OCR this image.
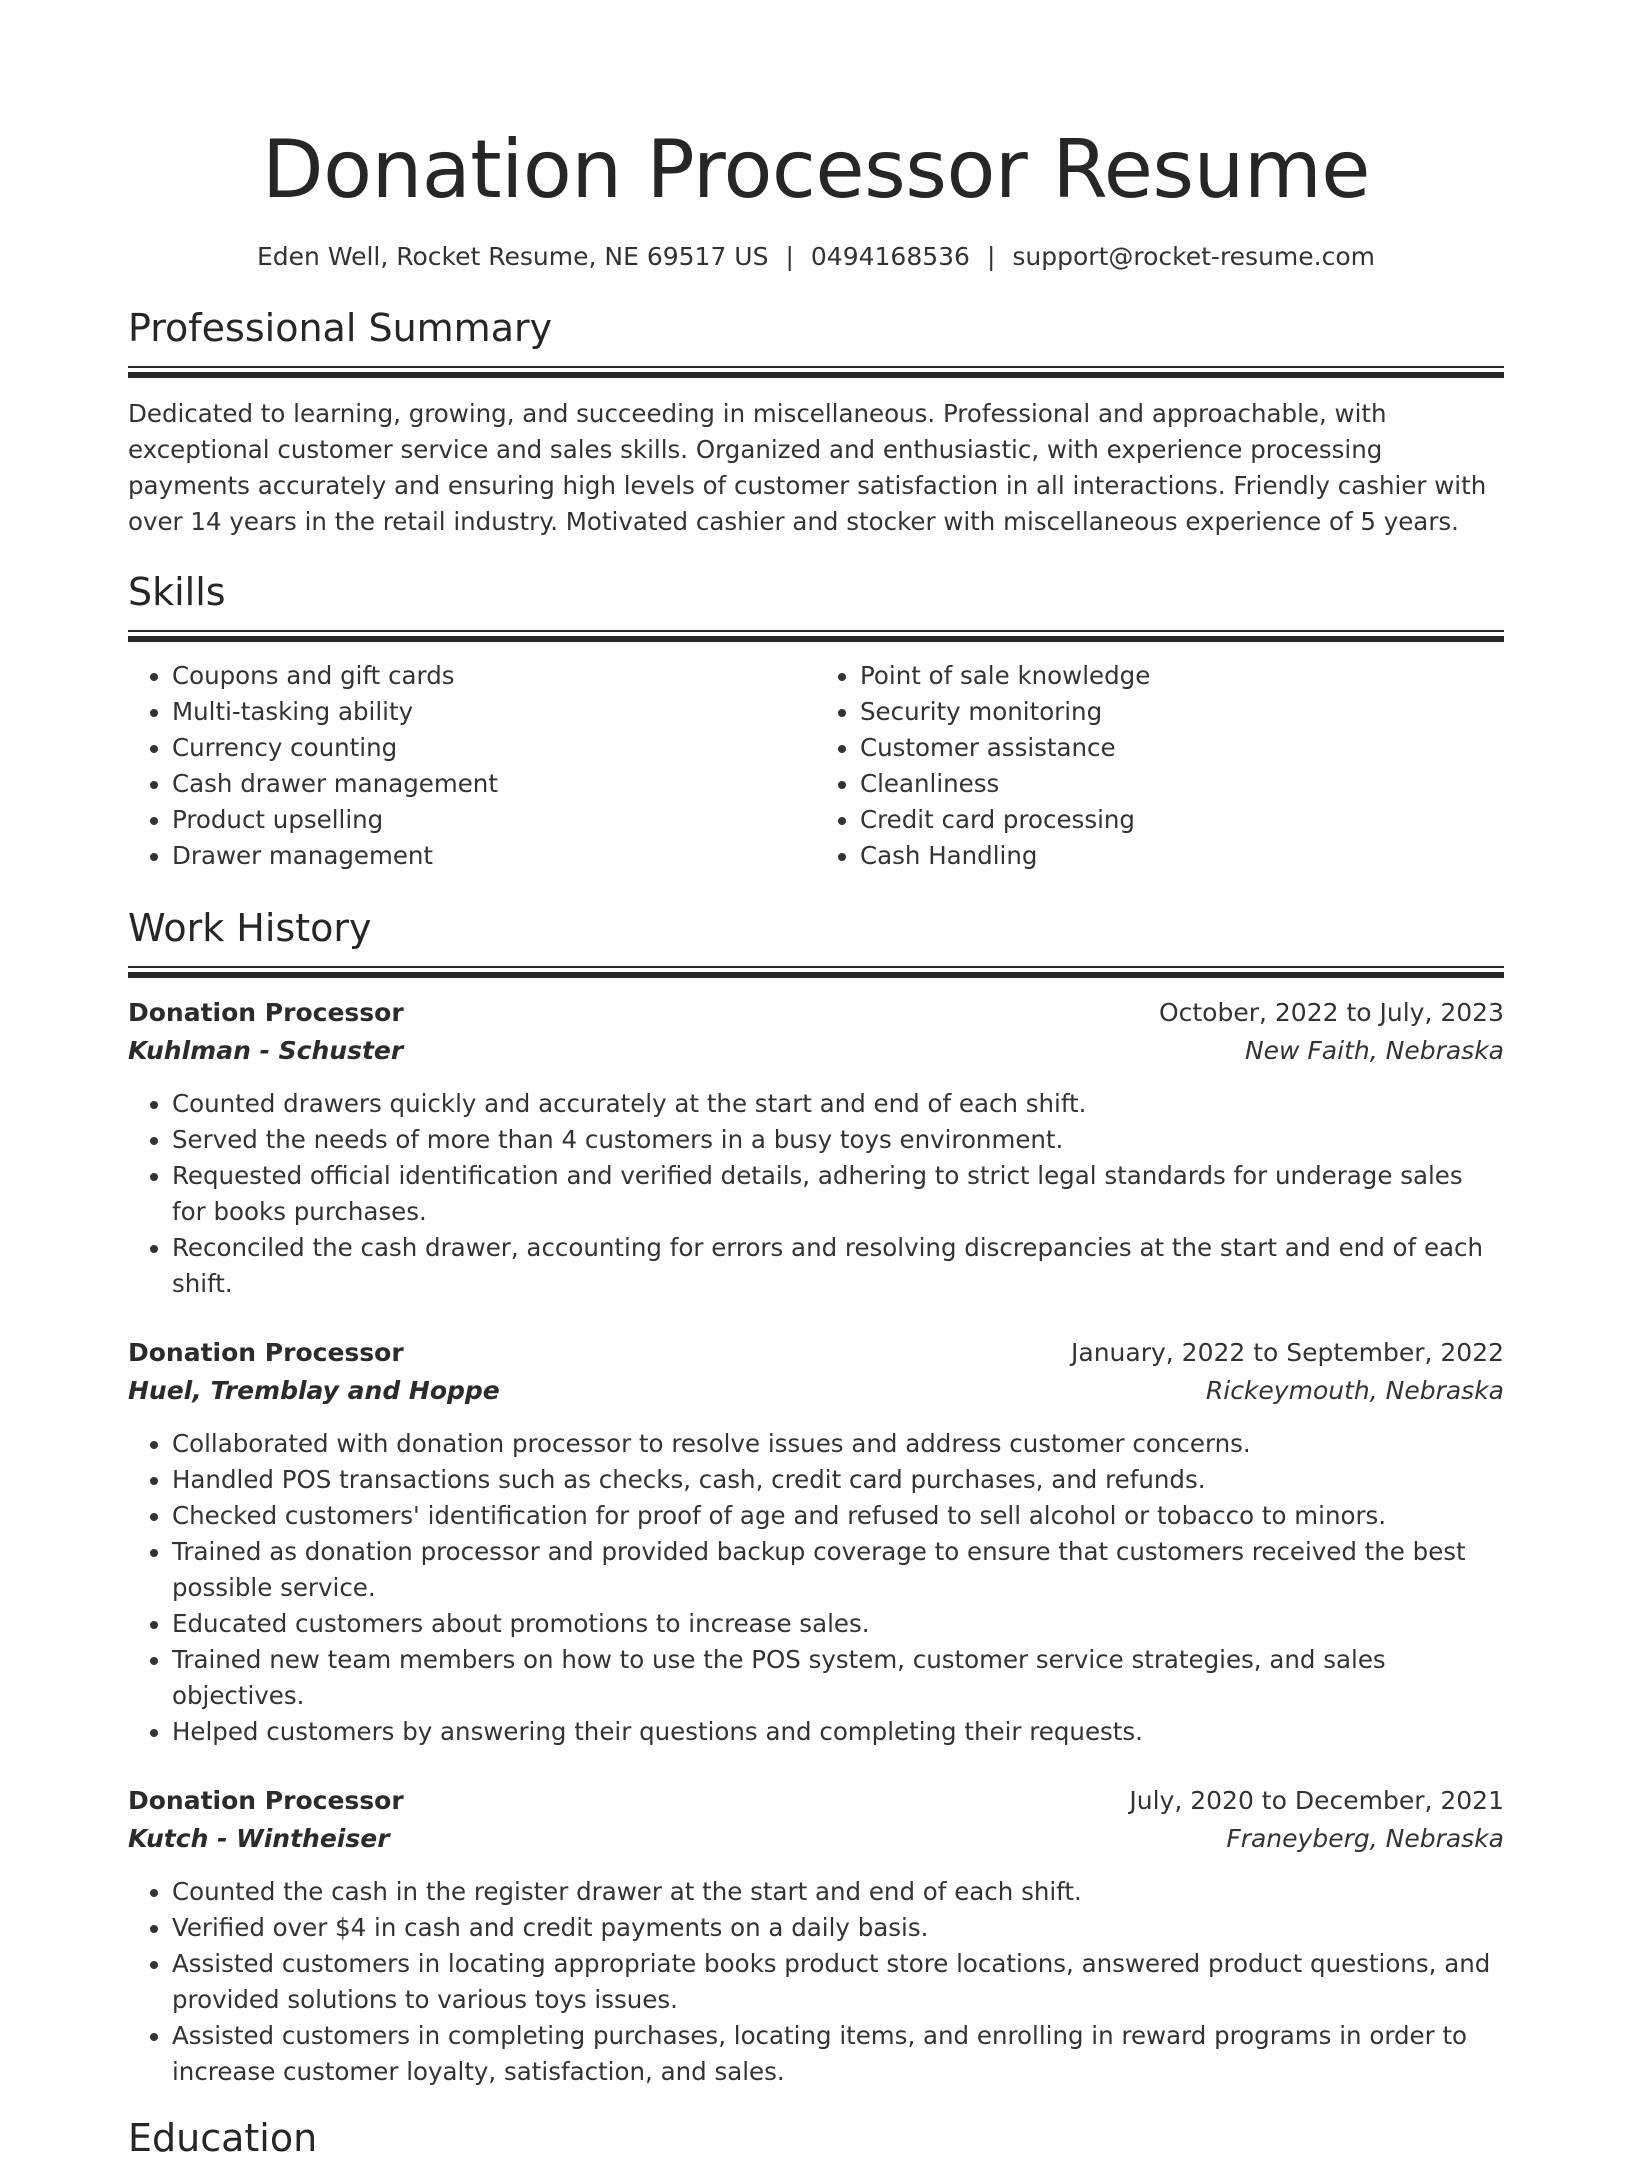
Donation Processor Resume
Eden Well, Rocket Resume, NE 69517 US | 0494168536 | support@rocket-resume.com
Professional Summary

Dedicated to learning, growing, and succeeding in miscellaneous. Professional and approachable, with exceptional customer service and sales skills. Organized and enthusiastic, with experience processing payments accurately and ensuring high levels of customer satisfaction in all interactions. Friendly cashier with over 14 years in the retail industry. Motivated cashier and stocker with miscellaneous experience of 5 years.

Skills
• Coupons and gift cards
• Multi-tasking ability
• Currency counting
• Cash drawer management
• Product upselling
• Drawer management
• Point of sale knowledge
• Security monitoring
• Customer assistance
• Cleanliness
• Credit card processing
• Cash Handling
Work History
Donation Processor	October, 2022 to July, 2023
Kuhlman - Schuster	New Faith, Nebraska
• Counted drawers quickly and accurately at the start and end of each shift.
• Served the needs of more than 4 customers in a busy toys environment.
• Requested official identification and verified details, adhering to strict legal standards for underage sales for books purchases.
• Reconciled the cash drawer, accounting for errors and resolving discrepancies at the start and end of each shift.
Donation Processor	January, 2022 to September, 2022
Huel, Tremblay and Hoppe	Rickeymouth, Nebraska
• Collaborated with donation processor to resolve issues and address customer concerns.
• Handled POS transactions such as checks, cash, credit card purchases, and refunds.
• Checked customers' identification for proof of age and refused to sell alcohol or tobacco to minors.
• Trained as donation processor and provided backup coverage to ensure that customers received the best possible service.
• Educated customers about promotions to increase sales.
• Trained new team members on how to use the POS system, customer service strategies, and sales objectives.
• Helped customers by answering their questions and completing their requests.
Donation Processor	July, 2020 to December, 2021
Kutch - Wintheiser	Franeyberg, Nebraska
• Counted the cash in the register drawer at the start and end of each shift.
• Verified over $4 in cash and credit payments on a daily basis.
• Assisted customers in locating appropriate books product store locations, answered product questions, and provided solutions to various toys issues.
• Assisted customers in completing purchases, locating items, and enrolling in reward programs in order to increase customer loyalty, satisfaction, and sales.
Education
